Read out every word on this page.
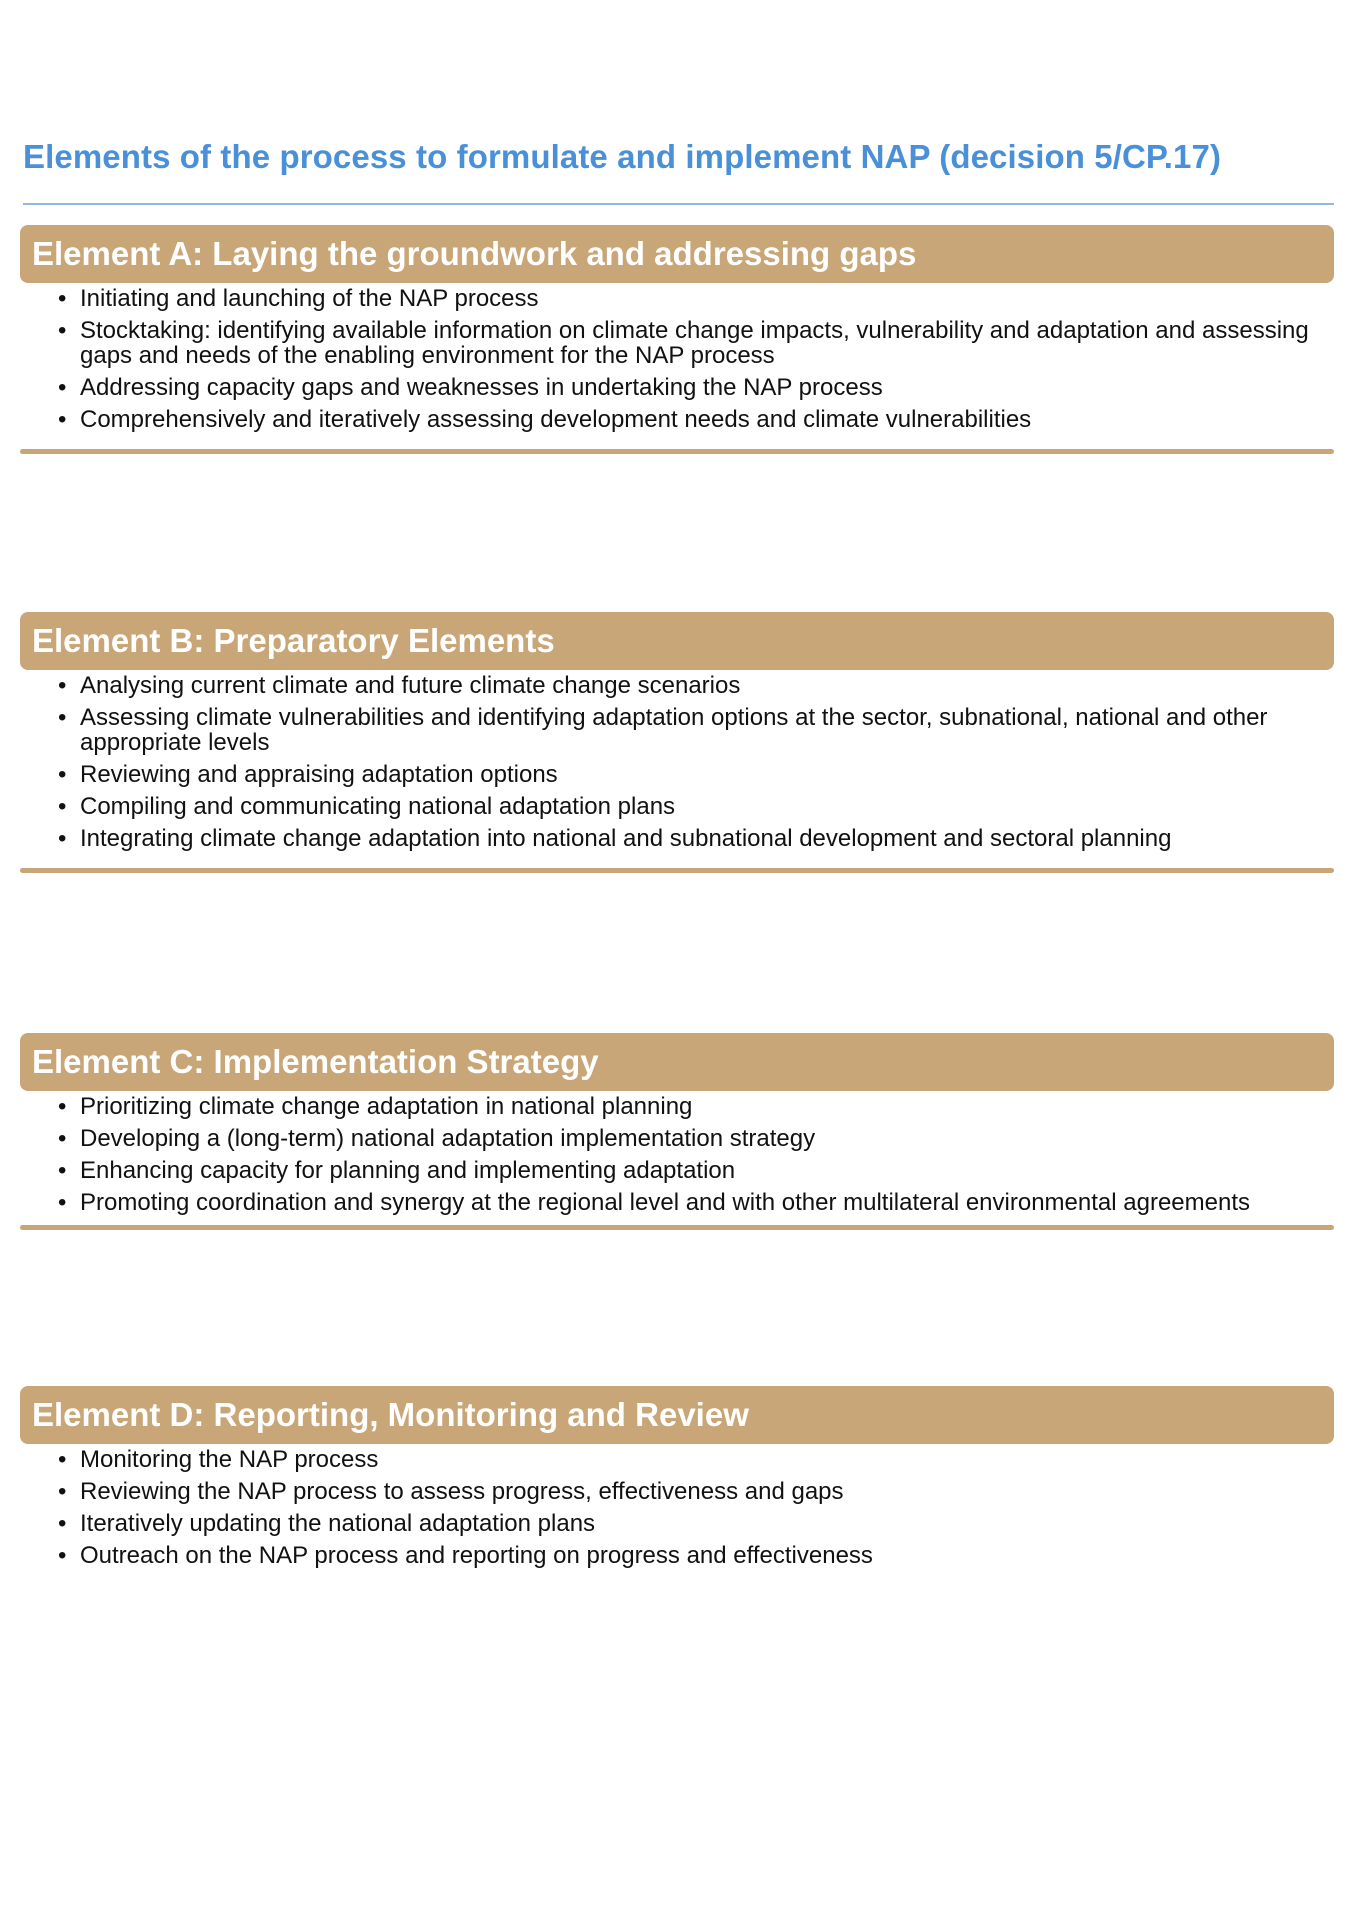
Elements of the process to formulate and implement NAP (decision 5/CP.17)
Element A: Laying the groundwork and addressing gaps
• Initiating and launching of the NAP process
• Stocktaking: identifying available information on climate change impacts, vulnerability and adaptation and assessing gaps and needs of the enabling environment for the NAP process
• Addressing capacity gaps and weaknesses in undertaking the NAP process
• Comprehensively and iteratively assessing development needs and climate vulnerabilities
Element B: Preparatory Elements
• Analysing current climate and future climate change scenarios
• Assessing climate vulnerabilities and identifying adaptation options at the sector, subnational, national and other appropriate levels
• Reviewing and appraising adaptation options
• Compiling and communicating national adaptation plans
• Integrating climate change adaptation into national and subnational development and sectoral planning
Element C: Implementation Strategy
• Prioritizing climate change adaptation in national planning
• Developing a (long-term) national adaptation implementation strategy
• Enhancing capacity for planning and implementing adaptation
• Promoting coordination and synergy at the regional level and with other multilateral environmental agreements
Element D: Reporting, Monitoring and Review
• Monitoring the NAP process
• Reviewing the NAP process to assess progress, effectiveness and gaps
• Iteratively updating the national adaptation plans
• Outreach on the NAP process and reporting on progress and effectiveness
